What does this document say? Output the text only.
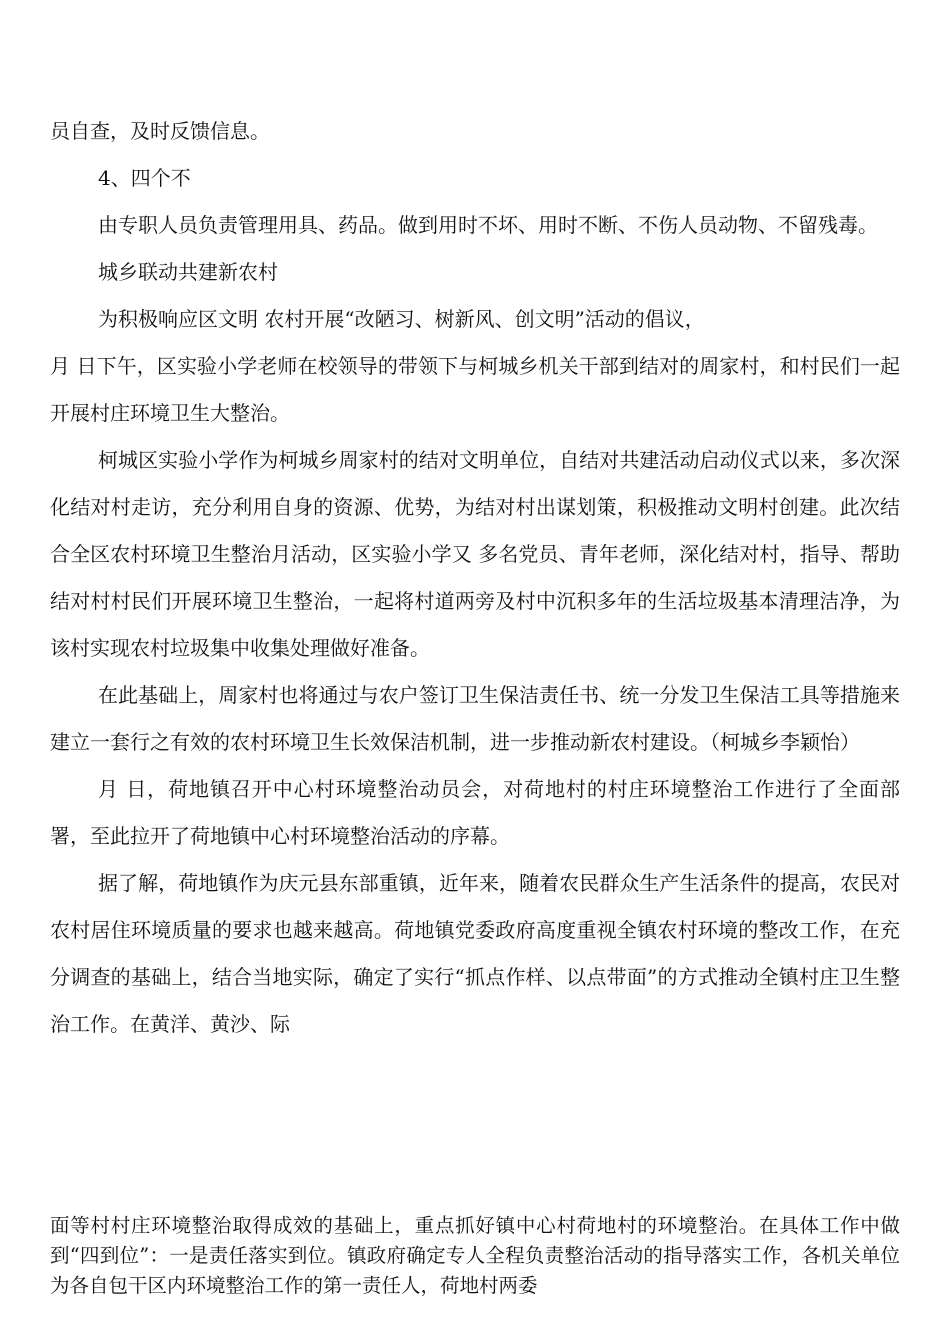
员自查，及时反馈信息。

4、四个不

由专职人员负责管理用具、药品。做到用时不坏、用时不断、不伤人员动物、不留残毒。

城乡联动共建新农村

为积极响应区文明 农村开展“改陋习、树新风、创文明”活动的倡议，

月 日下午，区实验小学老师在校领导的带领下与柯城乡机关干部到结对的周家村，和村民们一起开展村庄环境卫生大整治。

柯城区实验小学作为柯城乡周家村的结对文明单位，自结对共建活动启动仪式以来，多次深化结对村走访，充分利用自身的资源、优势，为结对村出谋划策，积极推动文明村创建。此次结合全区农村环境卫生整治月活动，区实验小学又 多名党员、青年老师，深化结对村，指导、帮助结对村村民们开展环境卫生整治，一起将村道两旁及村中沉积多年的生活垃圾基本清理洁净，为该村实现农村垃圾集中收集处理做好准备。

在此基础上，周家村也将通过与农户签订卫生保洁责任书、统一分发卫生保洁工具等措施来建立一套行之有效的农村环境卫生长效保洁机制，进一步推动新农村建设。（柯城乡李颖怡）

月 日，荷地镇召开中心村环境整治动员会，对荷地村的村庄环境整治工作进行了全面部署，至此拉开了荷地镇中心村环境整治活动的序幕。

据了解，荷地镇作为庆元县东部重镇，近年来，随着农民群众生产生活条件的提高，农民对农村居住环境质量的要求也越来越高。荷地镇党委政府高度重视全镇农村环境的整改工作，在充分调查的基础上，结合当地实际，确定了实行“抓点作样、以点带面”的方式推动全镇村庄卫生整治工作。在黄洋、黄沙、际

面等村村庄环境整治取得成效的基础上，重点抓好镇中心村荷地村的环境整治。在具体工作中做到“四到位”：一是责任落实到位。镇政府确定专人全程负责整治活动的指导落实工作，各机关单位为各自包干区内环境整治工作的第一责任人，荷地村两委
